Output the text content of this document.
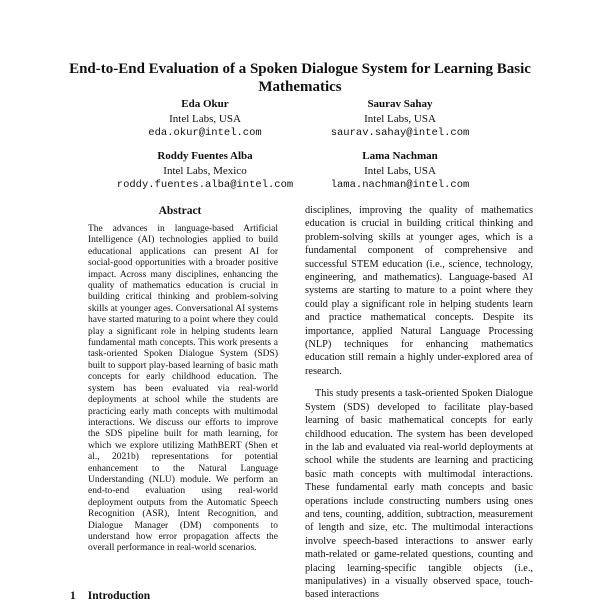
End-to-End Evaluation of a Spoken Dialogue System for Learning Basic Mathematics
Eda Okur
Intel Labs, USA
eda.okur@intel.com
Saurav Sahay
Intel Labs, USA
saurav.sahay@intel.com
Roddy Fuentes Alba
Intel Labs, Mexico
roddy.fuentes.alba@intel.com
Lama Nachman
Intel Labs, USA
lama.nachman@intel.com
Abstract
The advances in language-based Artificial Intelligence (AI) technologies applied to build educational applications can present AI for social-good opportunities with a broader positive impact. Across many disciplines, enhancing the quality of mathematics education is crucial in building critical thinking and problem-solving skills at younger ages. Conversational AI systems have started maturing to a point where they could play a significant role in helping students learn fundamental math concepts. This work presents a task-oriented Spoken Dialogue System (SDS) built to support play-based learning of basic math concepts for early childhood education. The system has been evaluated via real-world deployments at school while the students are practicing early math concepts with multimodal interactions. We discuss our efforts to improve the SDS pipeline built for math learning, for which we explore utilizing MathBERT (Shen et al., 2021b) representations for potential enhancement to the Natural Language Understanding (NLU) module. We perform an end-to-end evaluation using real-world deployment outputs from the Automatic Speech Recognition (ASR), Intent Recognition, and Dialogue Manager (DM) components to understand how error propagation affects the overall performance in real-world scenarios.
1 Introduction

disciplines, improving the quality of mathematics education is crucial in building critical thinking and problem-solving skills at younger ages, which is a fundamental component of comprehensive and successful STEM education (i.e., science, technology, engineering, and mathematics). Language-based AI systems are starting to mature to a point where they could play a significant role in helping students learn and practice mathematical concepts. Despite its importance, applied Natural Language Processing (NLP) techniques for enhancing mathematics education still remain a highly under-explored area of research.

This study presents a task-oriented Spoken Dialogue System (SDS) developed to facilitate play-based learning of basic mathematical concepts for early childhood education. The system has been developed in the lab and evaluated via real-world deployments at school while the students are learning and practicing basic math concepts with multimodal interactions. These fundamental early math concepts and basic operations include constructing numbers using ones and tens, counting, addition, subtraction, measurement of length and size, etc. The multimodal interactions involve speech-based interactions to answer early math-related or game-related questions, counting and placing learning-specific tangible objects (i.e., manipulatives) in a visually observed space, touch-based interactions
